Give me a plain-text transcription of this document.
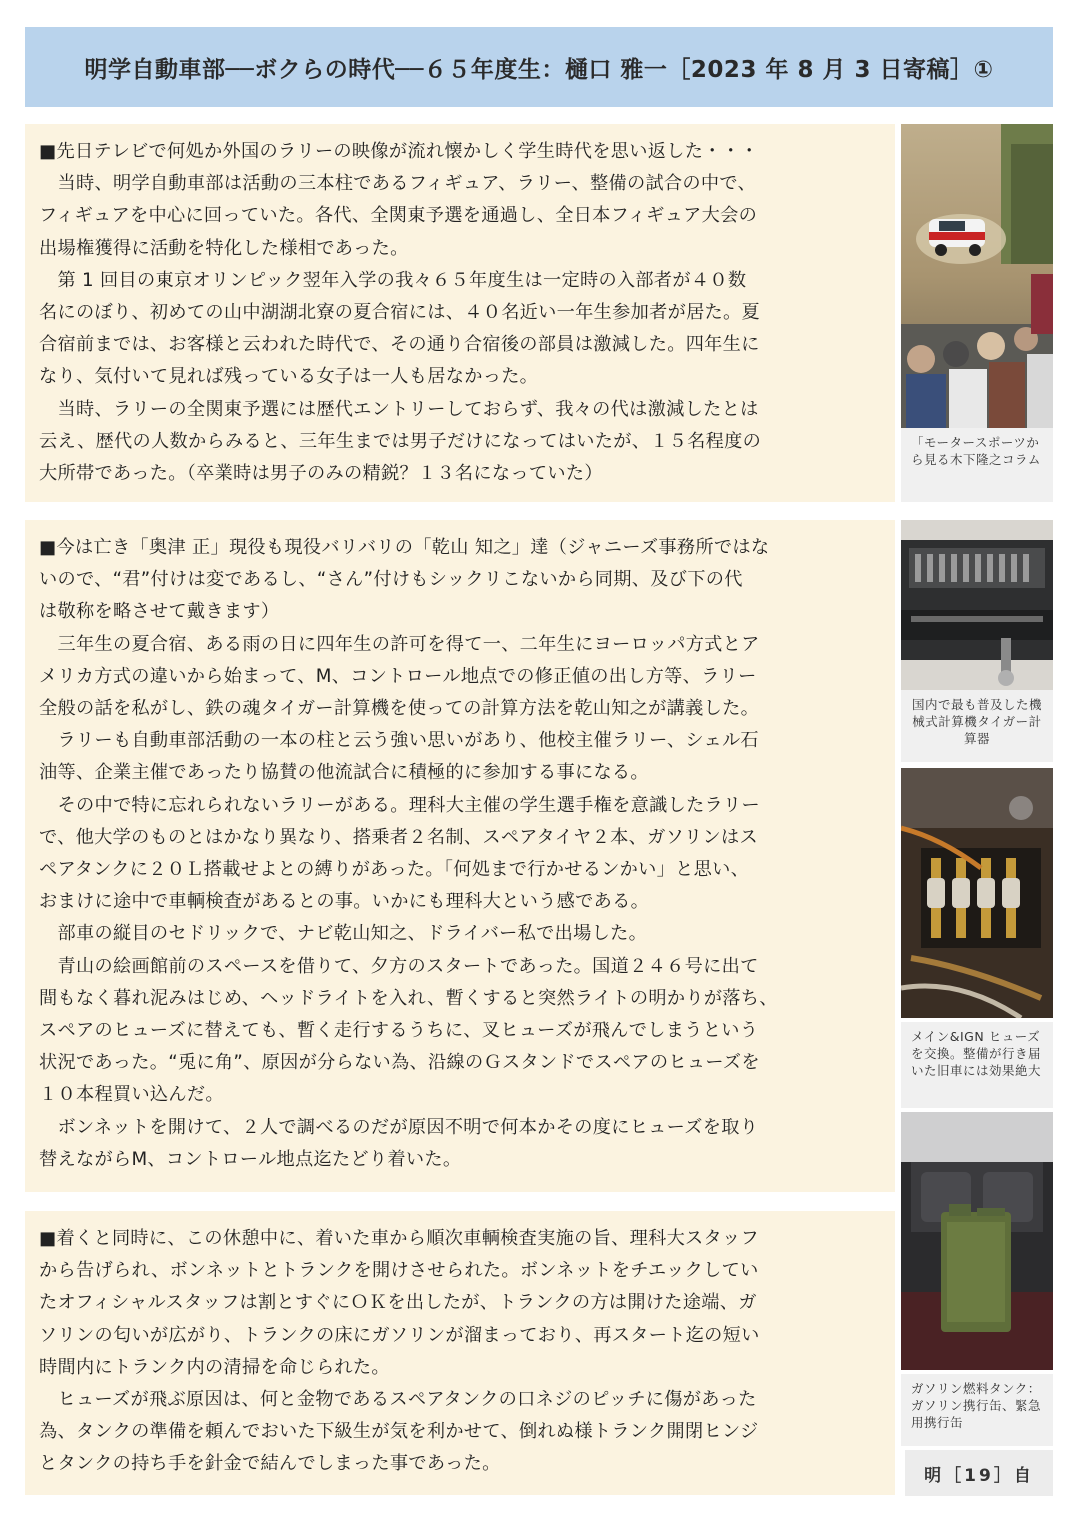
明学自動車部──ボクらの時代──６５年度生：樋口 雅一［2023 年 8 月 3 日寄稿］①

■先日テレビで何処か外国のラリーの映像が流れ懐かしく学生時代を思い返した・・・

　当時、明学自動車部は活動の三本柱であるフィギュア、ラリー、整備の試合の中で、

フィギュアを中心に回っていた。各代、全関東予選を通過し、全日本フィギュア大会の

出場権獲得に活動を特化した様相であった。

　第 1 回目の東京オリンピック翌年入学の我々６５年度生は一定時の入部者が４０数

名にのぼり、初めての山中湖湖北寮の夏合宿には、４０名近い一年生参加者が居た。夏

合宿前までは、お客様と云われた時代で、その通り合宿後の部員は激減した。四年生に

なり、気付いて見れば残っている女子は一人も居なかった。

　当時、ラリーの全関東予選には歴代エントリーしておらず、我々の代は激減したとは

云え、歴代の人数からみると、三年生までは男子だけになってはいたが、１５名程度の

大所帯であった。（卒業時は男子のみの精鋭？１３名になっていた）

■今は亡き「奥津 正」現役も現役バリバリの「乾山 知之」達（ジャニーズ事務所ではな

いので、“君”付けは変であるし、“さん”付けもシックリこないから同期、及び下の代

は敬称を略させて戴きます）

　三年生の夏合宿、ある雨の日に四年生の許可を得て一、二年生にヨーロッパ方式とア

メリカ方式の違いから始まって、M、コントロール地点での修正値の出し方等、ラリー

全般の話を私がし、鉄の魂タイガー計算機を使っての計算方法を乾山知之が講義した。

　ラリーも自動車部活動の一本の柱と云う強い思いがあり、他校主催ラリー、シェル石

油等、企業主催であったり協賛の他流試合に積極的に参加する事になる。

　その中で特に忘れられないラリーがある。理科大主催の学生選手権を意識したラリー

で、他大学のものとはかなり異なり、搭乗者２名制、スペアタイヤ２本、ガソリンはス

ペアタンクに２０Ｌ搭載せよとの縛りがあった。「何処まで行かせるンかい」と思い、

おまけに途中で車輌検査があるとの事。いかにも理科大という感である。

　部車の縦目のセドリックで、ナビ乾山知之、ドライバー私で出場した。

　青山の絵画館前のスペースを借りて、夕方のスタートであった。国道２４６号に出て

間もなく暮れ泥みはじめ、ヘッドライトを入れ、暫くすると突然ライトの明かりが落ち、

スペアのヒューズに替えても、暫く走行するうちに、叉ヒューズが飛んでしまうという

状況であった。“兎に角”、原因が分らない為、沿線のＧスタンドでスペアのヒューズを

１０本程買い込んだ。

　ボンネットを開けて、２人で調べるのだが原因不明で何本かその度にヒューズを取り

替えながらM、コントロール地点迄たどり着いた。

■着くと同時に、この休憩中に、着いた車から順次車輌検査実施の旨、理科大スタッフ

から告げられ、ボンネットとトランクを開けさせられた。ボンネットをチエックしてい

たオフィシャルスタッフは割とすぐにＯＫを出したが、トランクの方は開けた途端、ガ

ソリンの匂いが広がり、トランクの床にガソリンが溜まっており、再スタート迄の短い

時間内にトランク内の清掃を命じられた。

　ヒューズが飛ぶ原因は、何と金物であるスペアタンクの口ネジのピッチに傷があった

為、タンクの準備を頼んでおいた下級生が気を利かせて、倒れぬ様トランク開閉ヒンジ

とタンクの持ち手を針金で結んでしまった事であった。

「モータースポーツから見る木下隆之コラム
国内で最も普及した機械式計算機タイガー計算器
メイン&IGN ヒューズを交換。整備が行き届いた旧車には効果絶大
ガソリン燃料タンク：ガソリン携行缶、緊急用携行缶
明［19］自
